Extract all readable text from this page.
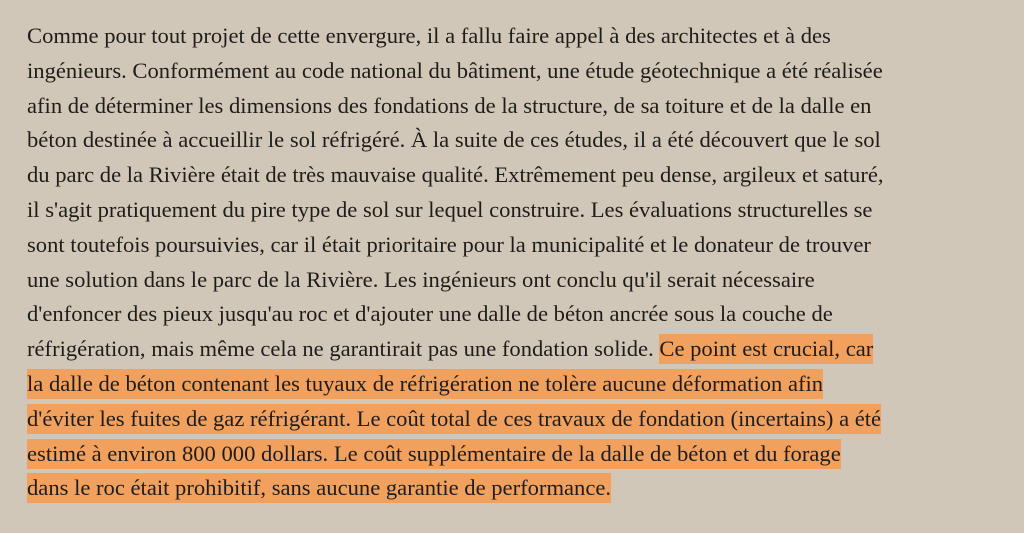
Comme pour tout projet de cette envergure, il a fallu faire appel à des architectes et à des
ingénieurs. Conformément au code national du bâtiment, une étude géotechnique a été réalisée
afin de déterminer les dimensions des fondations de la structure, de sa toiture et de la dalle en
béton destinée à accueillir le sol réfrigéré. À la suite de ces études, il a été découvert que le sol
du parc de la Rivière était de très mauvaise qualité. Extrêmement peu dense, argileux et saturé,
il s'agit pratiquement du pire type de sol sur lequel construire. Les évaluations structurelles se
sont toutefois poursuivies, car il était prioritaire pour la municipalité et le donateur de trouver
une solution dans le parc de la Rivière. Les ingénieurs ont conclu qu'il serait nécessaire
d'enfoncer des pieux jusqu'au roc et d'ajouter une dalle de béton ancrée sous la couche de
réfrigération, mais même cela ne garantirait pas une fondation solide. Ce point est crucial, car
la dalle de béton contenant les tuyaux de réfrigération ne tolère aucune déformation afin
d'éviter les fuites de gaz réfrigérant. Le coût total de ces travaux de fondation (incertains) a été
estimé à environ 800 000 dollars. Le coût supplémentaire de la dalle de béton et du forage
dans le roc était prohibitif, sans aucune garantie de performance.
